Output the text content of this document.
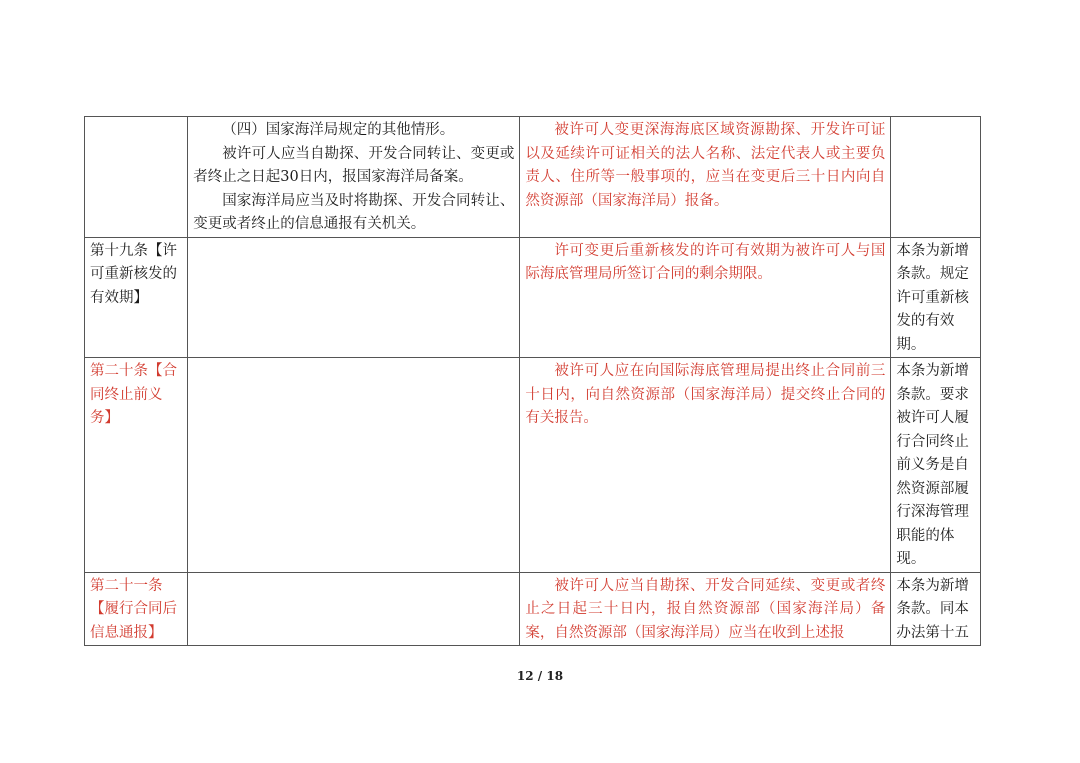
	（四）国家海洋局规定的其他情形。

被许可人应当自勘探、开发合同转让、变更或者终止之日起30日内，报国家海洋局备案。

国家海洋局应当及时将勘探、开发合同转让、变更或者终止的信息通报有关机关。	被许可人变更深海海底区域资源勘探、开发许可证以及延续许可证相关的法人名称、法定代表人或主要负责人、住所等一般事项的，应当在变更后三十日内向自然资源部（国家海洋局）报备。	

第十九条【许可重新核发的有效期】		许可变更后重新核发的许可有效期为被许可人与国际海底管理局所签订合同的剩余期限。	本条为新增条款。规定许可重新核发的有效期。

第二十条【合同终止前义务】		被许可人应在向国际海底管理局提出终止合同前三十日内，向自然资源部（国家海洋局）提交终止合同的有关报告。	本条为新增条款。要求被许可人履行合同终止前义务是自然资源部履行深海管理职能的体现。

第二十一条【履行合同后信息通报】		被许可人应当自勘探、开发合同延续、变更或者终止之日起三十日内，报自然资源部（国家海洋局）备案，自然资源部（国家海洋局）应当在收到上述报	本条为新增条款。同本办法第十五

12 / 18
